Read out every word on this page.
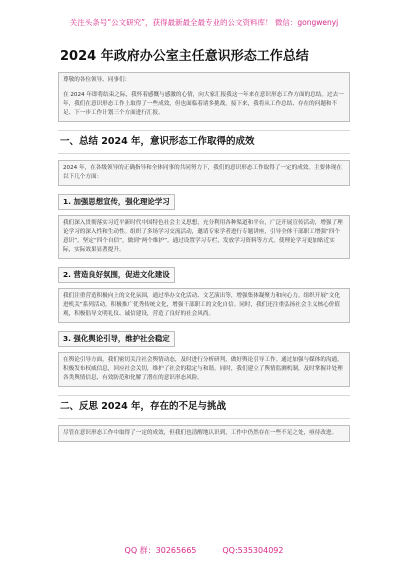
关注头条号“公文研究”，获得最新最全最专业的公文资料库！ 微信：gongwenyj
2024 年政府办公室主任意识形态工作总结

尊敬的各位领导、同事们：

在 2024 年即将结束之际，我怀着感慨与感激的心情，向大家汇报我这一年来在意识形态工作方面的总结。过去一年，我们在意识形态工作上取得了一些成效，但也面临着诸多挑战。接下来，我将从工作总结、存在的问题和不足、下一步工作计划三个方面进行汇报。

一、总结 2024 年，意识形态工作取得的成效

2024 年，在各级领导的正确指导和全体同事的共同努力下，我们的意识形态工作取得了一定的成效。主要体现在以下几个方面：

1. 加强思想宣传，强化理论学习

我们深入贯彻落实习近平新时代中国特色社会主义思想，充分利用各种渠道和平台，广泛开展宣传活动，增强了理论学习的深入性和生动性。组织了多场学习交流活动，邀请专家学者进行专题讲座，引导全体干部职工增强“四个意识”，坚定“四个自信”，做到“两个维护”。通过设置学习专栏，发放学习资料等方式，使理论学习更加贴近实际，实际效果显著提升。

2. 营造良好氛围，促进文化建设

我们注重营造积极向上的文化氛围，通过举办文化活动、文艺演出等，增强集体凝聚力和向心力。组织开展“文化进机关”系列活动，积极推广优秀传统文化，增强干部职工的文化自信。同时，我们还注重弘扬社会主义核心价值观，积极倡导文明礼仪、诚信建设，营造了良好的社会风尚。

3. 强化舆论引导，维护社会稳定

在舆论引导方面，我们密切关注社会舆情动态，及时进行分析研判，做好舆论引导工作。通过加强与媒体的沟通，积极发布权威信息，回应社会关切，维护了社会的稳定与和谐。同时，我们建立了舆情监测机制，及时掌握并处理各类舆情信息，有效防范和化解了潜在的意识形态风险。

二、反思 2024 年，存在的不足与挑战

尽管在意识形态工作中取得了一定的成效，但我们也清醒地认识到，工作中仍然存在一些不足之处，亟待改进。

QQ 群：30265665	QQ:535304092
